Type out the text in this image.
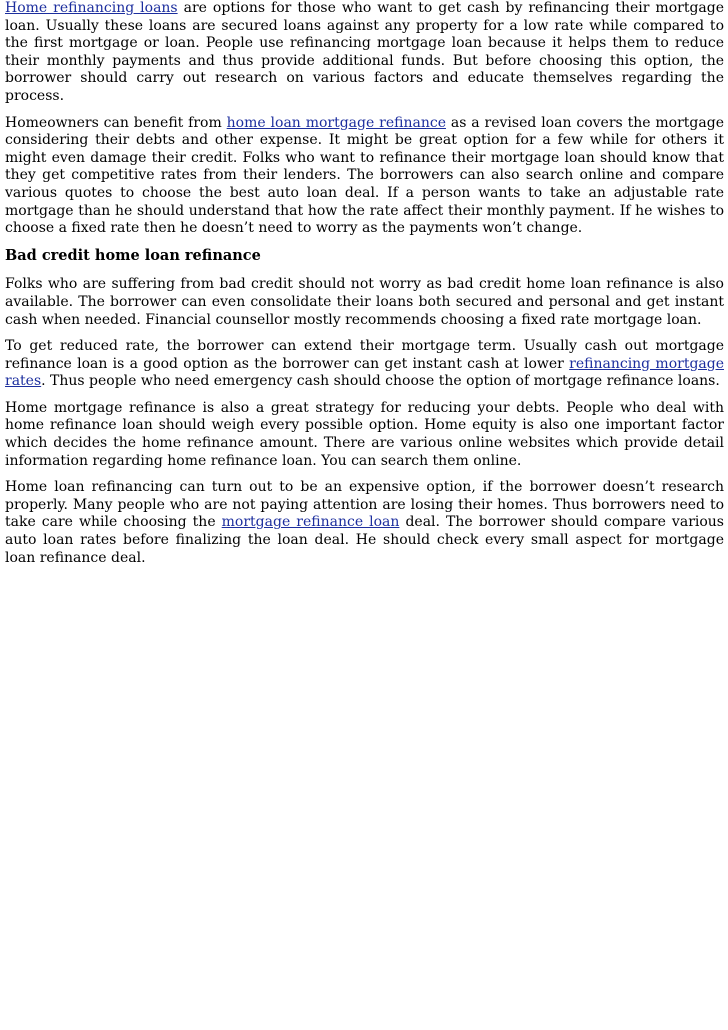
Home refinancing loans are options for those who want to get cash by refinancing their mortgage loan. Usually these loans are secured loans against any property for a low rate while compared to the first mortgage or loan. People use refinancing mortgage loan because it helps them to reduce their monthly payments and thus provide additional funds. But before choosing this option, the borrower should carry out research on various factors and educate themselves regarding the process.

Homeowners can benefit from home loan mortgage refinance as a revised loan covers the mortgage considering their debts and other expense. It might be great option for a few while for others it might even damage their credit. Folks who want to refinance their mortgage loan should know that they get competitive rates from their lenders. The borrowers can also search online and compare various quotes to choose the best auto loan deal. If a person wants to take an adjustable rate mortgage than he should understand that how the rate affect their monthly payment. If he wishes to choose a fixed rate then he doesn’t need to worry as the payments won’t change.

Bad credit home loan refinance

Folks who are suffering from bad credit should not worry as bad credit home loan refinance is also available. The borrower can even consolidate their loans both secured and personal and get instant cash when needed. Financial counsellor mostly recommends choosing a fixed rate mortgage loan.

To get reduced rate, the borrower can extend their mortgage term. Usually cash out mortgage refinance loan is a good option as the borrower can get instant cash at lower refinancing mortgage rates. Thus people who need emergency cash should choose the option of mortgage refinance loans.

Home mortgage refinance is also a great strategy for reducing your debts. People who deal with home refinance loan should weigh every possible option. Home equity is also one important factor which decides the home refinance amount. There are various online websites which provide detail information regarding home refinance loan. You can search them online.

Home loan refinancing can turn out to be an expensive option, if the borrower doesn’t research properly. Many people who are not paying attention are losing their homes. Thus borrowers need to take care while choosing the mortgage refinance loan deal. The borrower should compare various auto loan rates before finalizing the loan deal. He should check every small aspect for mortgage loan refinance deal.
